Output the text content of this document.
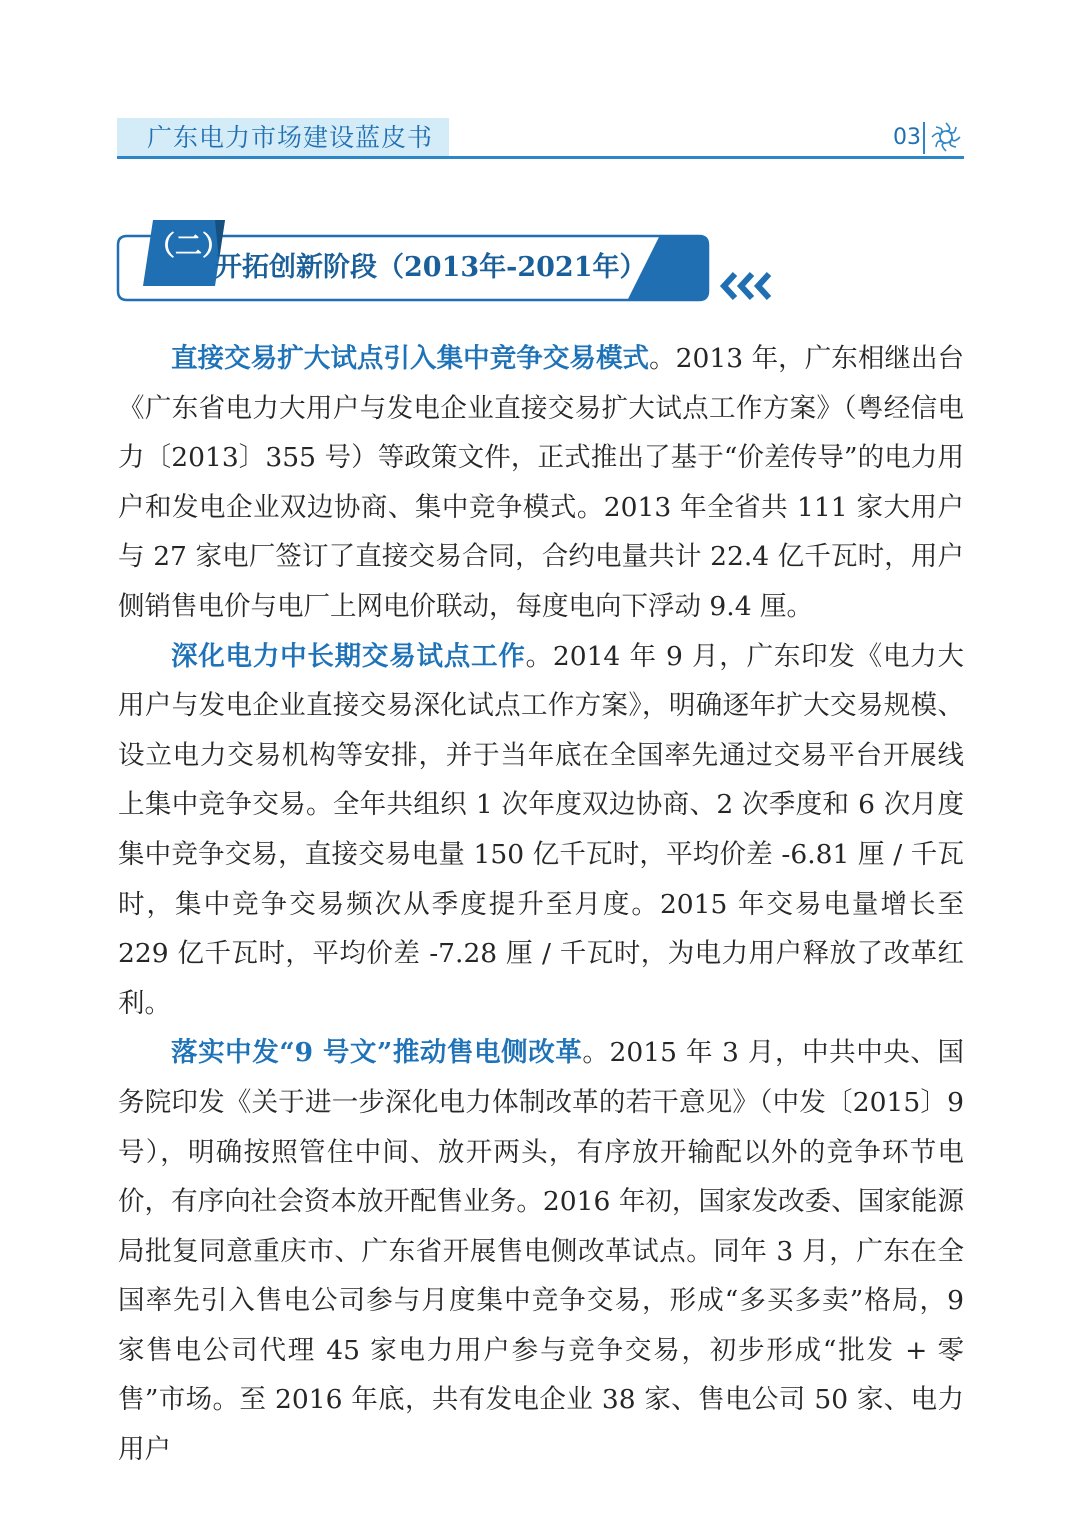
广东电力市场建设蓝皮书	03
（二）
开拓创新阶段（2013年-2021年）

直接交易扩大试点引入集中竞争交易模式。2013 年，广东相继出台《广东省电力大用户与发电企业直接交易扩大试点工作方案》（粤经信电力〔2013〕355 号）等政策文件，正式推出了基于“价差传导”的电力用户和发电企业双边协商、集中竞争模式。2013 年全省共 111 家大用户与 27 家电厂签订了直接交易合同，合约电量共计 22.4 亿千瓦时，用户侧销售电价与电厂上网电价联动，每度电向下浮动 9.4 厘。

深化电力中长期交易试点工作。2014 年 9 月，广东印发《电力大用户与发电企业直接交易深化试点工作方案》，明确逐年扩大交易规模、设立电力交易机构等安排，并于当年底在全国率先通过交易平台开展线上集中竞争交易。全年共组织 1 次年度双边协商、2 次季度和 6 次月度集中竞争交易，直接交易电量 150 亿千瓦时，平均价差 -6.81 厘 / 千瓦时，集中竞争交易频次从季度提升至月度。2015 年交易电量增长至 229 亿千瓦时，平均价差 -7.28 厘 / 千瓦时，为电力用户释放了改革红利。

落实中发“9 号文”推动售电侧改革。2015 年 3 月，中共中央、国务院印发《关于进一步深化电力体制改革的若干意见》（中发〔2015〕9 号），明确按照管住中间、放开两头，有序放开输配以外的竞争环节电价，有序向社会资本放开配售业务。2016 年初，国家发改委、国家能源局批复同意重庆市、广东省开展售电侧改革试点。同年 3 月，广东在全国率先引入售电公司参与月度集中竞争交易，形成“多买多卖”格局，9 家售电公司代理 45 家电力用户参与竞争交易，初步形成“批发 + 零售”市场。至 2016 年底，共有发电企业 38 家、售电公司 50 家、电力用户
